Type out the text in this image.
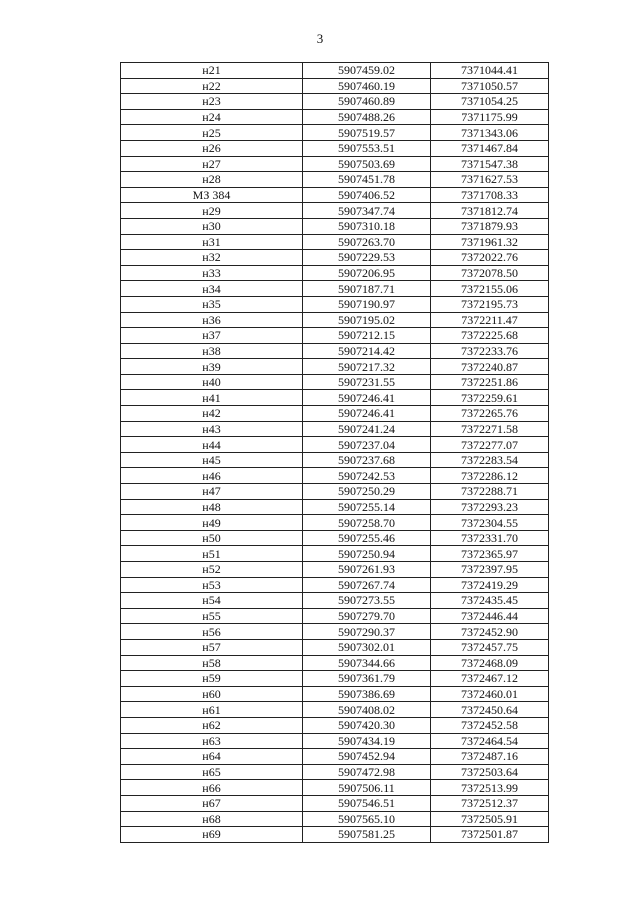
3
н21	5907459.02	7371044.41
н22	5907460.19	7371050.57
н23	5907460.89	7371054.25
н24	5907488.26	7371175.99
н25	5907519.57	7371343.06
н26	5907553.51	7371467.84
н27	5907503.69	7371547.38
н28	5907451.78	7371627.53
МЗ 384	5907406.52	7371708.33
н29	5907347.74	7371812.74
н30	5907310.18	7371879.93
н31	5907263.70	7371961.32
н32	5907229.53	7372022.76
н33	5907206.95	7372078.50
н34	5907187.71	7372155.06
н35	5907190.97	7372195.73
н36	5907195.02	7372211.47
н37	5907212.15	7372225.68
н38	5907214.42	7372233.76
н39	5907217.32	7372240.87
н40	5907231.55	7372251.86
н41	5907246.41	7372259.61
н42	5907246.41	7372265.76
н43	5907241.24	7372271.58
н44	5907237.04	7372277.07
н45	5907237.68	7372283.54
н46	5907242.53	7372286.12
н47	5907250.29	7372288.71
н48	5907255.14	7372293.23
н49	5907258.70	7372304.55
н50	5907255.46	7372331.70
н51	5907250.94	7372365.97
н52	5907261.93	7372397.95
н53	5907267.74	7372419.29
н54	5907273.55	7372435.45
н55	5907279.70	7372446.44
н56	5907290.37	7372452.90
н57	5907302.01	7372457.75
н58	5907344.66	7372468.09
н59	5907361.79	7372467.12
н60	5907386.69	7372460.01
н61	5907408.02	7372450.64
н62	5907420.30	7372452.58
н63	5907434.19	7372464.54
н64	5907452.94	7372487.16
н65	5907472.98	7372503.64
н66	5907506.11	7372513.99
н67	5907546.51	7372512.37
н68	5907565.10	7372505.91
н69	5907581.25	7372501.87
